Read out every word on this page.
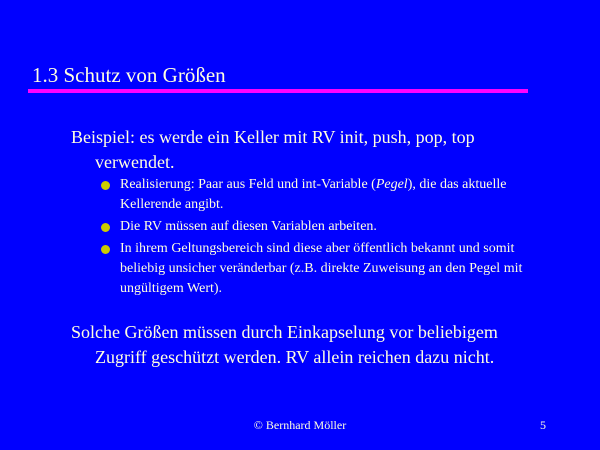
1.3 Schutz von Größen
Beispiel: es werde ein Keller mit RV init, push, pop, top
verwendet.
Realisierung: Paar aus Feld und int-Variable (Pegel), die das aktuelle Kellerende angibt.
Die RV müssen auf diesen Variablen arbeiten.
In ihrem Geltungsbereich sind diese aber öffentlich bekannt und somit beliebig unsicher veränderbar (z.B. direkte Zuweisung an den Pegel mit ungültigem Wert).
Solche Größen müssen durch Einkapselung vor beliebigem
Zugriff geschützt werden. RV allein reichen dazu nicht.
© Bernhard Möller	5
